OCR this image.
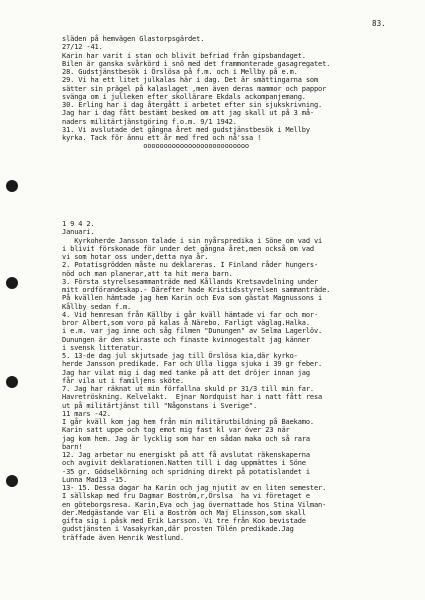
83.
släden på hemvägen Glastorpsgärdet.
27/12 -41.
Karin har varit i stan och blivit befriad från gipsbandaget.
Bilen är ganska svårkörd i snö med det frammonterade gasagregatet.
28. Gudstjänstbesök i Örslösa på f.m. och i Mellby på e.m.
29. Vi ha ett litet julkalas här i dag. Det är smättingarna som
sätter sin prägel på kalaslaget ,men även deras mammor och pappor
svänga om i julleken efter skollärare Ekdals ackompanjemang.
30. Erling har i dag återgått i arbetet efter sin sjukskrivning.
Jag har i dag fått bestämt besked om att jag skall ut på 3 må-
naders militärtjänstgöring f.o.m. 9/1 1942.
31. Vi avslutade det gångna året med gudstjänstbesök i Mellby
kyrka. Tack för ännu ett år med fred och nå'ssa !
oooooooooooooooooooooooooo
1 9 4 2.
Januari.
Kyrkoherde Jansson talade i sin nyårspredika i Söne om vad vi
i blivit förskonade för under det gångna året,men också om vad
vi som hotar oss under,detta nya år.
2. Potatisgrödden måste nu deklareras. I Finland råder hungers-
nöd och man planerar,att ta hit mera barn.
3. Första styrelsesammanträde med Kållands Kretsavdelning under
mitt ordförandeskap.- Därefter hade Kristidsstyrelsen sammanträde.
På kvällen hämtade jag hem Karin och Eva som gästat Magnussons i
Kållby sedan f.m.
4. Vid hemresan från Källby i går kväll hämtade vi far och mor-
bror Albert,som voro på kalas å Närebo. Farligt väglag.Halka.
i e.m. var jag inne och såg filmen "Dunungen" av Selma Lagerlöv.
Dunungen är den skiraste och finaste kvinnogestalt jag känner
i svensk litteratur.
5. 13-de dag jul skjutsade jag till Örslösa kia,där kyrko-
herde Jansson predikade. Far och Ulla ligga sjuka i 39 gr feber.
Jag har vilat mig i dag med tanke på att det dröjer innan jag
får vila ut i familjens sköte.
7. Jag har räknat ut min förfallna skuld pr 31/3 till min far.
Havretröskning. Kelvelakt.  Ejnar Nordquist har i natt fått resa
ut på militärtjänst till "Någonstans i Sverige".
11 mars -42.
I går kväll kom jag hem från min militärutbildning på Baekamo.
Karin satt uppe och tog emot mig fast kl var över 23 när
jag kom hem. Jag är lycklig som har en sådan maka och så rara
barn!
12. Jag arbetar nu energiskt på att få avslutat räkenskaperna
och avgivit deklarationen.Natten till i dag uppmättes i Söne
-35 gr. Gödselkörning och spridning direkt på potatislandet i
Lunna Mad13 -15.
13- 15. Dessa dagar ha Karin och jag njutit av en liten semester.
I sällskap med fru Dagmar Boström,r,Örslsa  ha vi företaget e
en göteborgsresa. Karin,Eva och jag övernattade hos Stina Vilman-
der.Medgästande var Eli a Boström och Maj Elinsson,som skall
gifta sig i påsk med Erik Larsson. Vi tre från Koo bevistade
gudstjänsten i Vasakyrkan,där prosten Tölén predikade.Jag
träffade även Henrik Westlund.
